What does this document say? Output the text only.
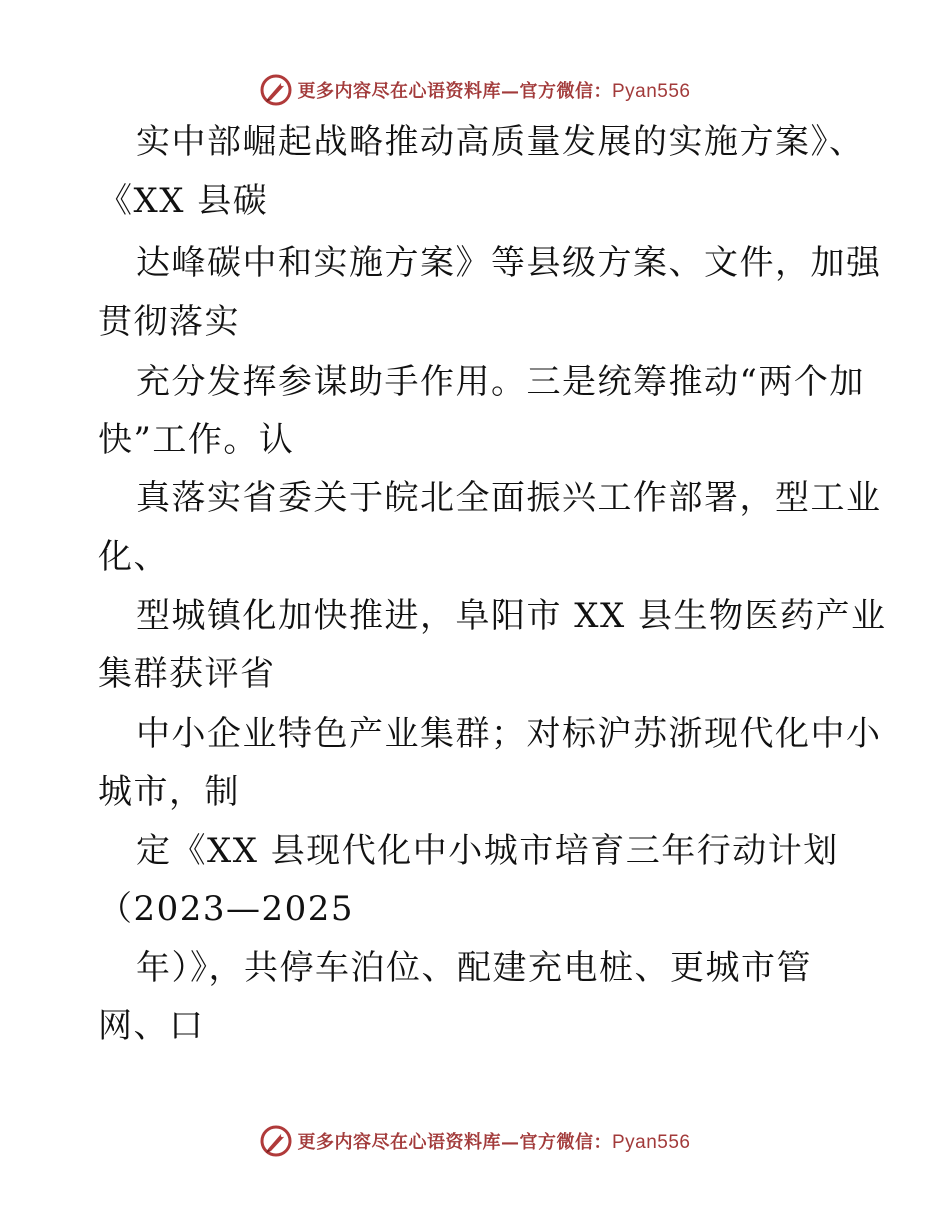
更多内容尽在心语资料库—官方微信：Pyan556
实中部崛起战略推动高质量发展的实施方案》、
《XX 县碳
达峰碳中和实施方案》等县级方案、文件，加强
贯彻落实
充分发挥参谋助手作用。三是统筹推动“两个加
快”工作。认
真落实省委关于皖北全面振兴工作部署，型工业
化、
型城镇化加快推进，阜阳市 XX 县生物医药产业
集群获评省
中小企业特色产业集群；对标沪苏浙现代化中小
城市，制
定《XX 县现代化中小城市培育三年行动计划
（2023—2025
年）》，共停车泊位、配建充电桩、更城市管
网、口
更多内容尽在心语资料库—官方微信：Pyan556
